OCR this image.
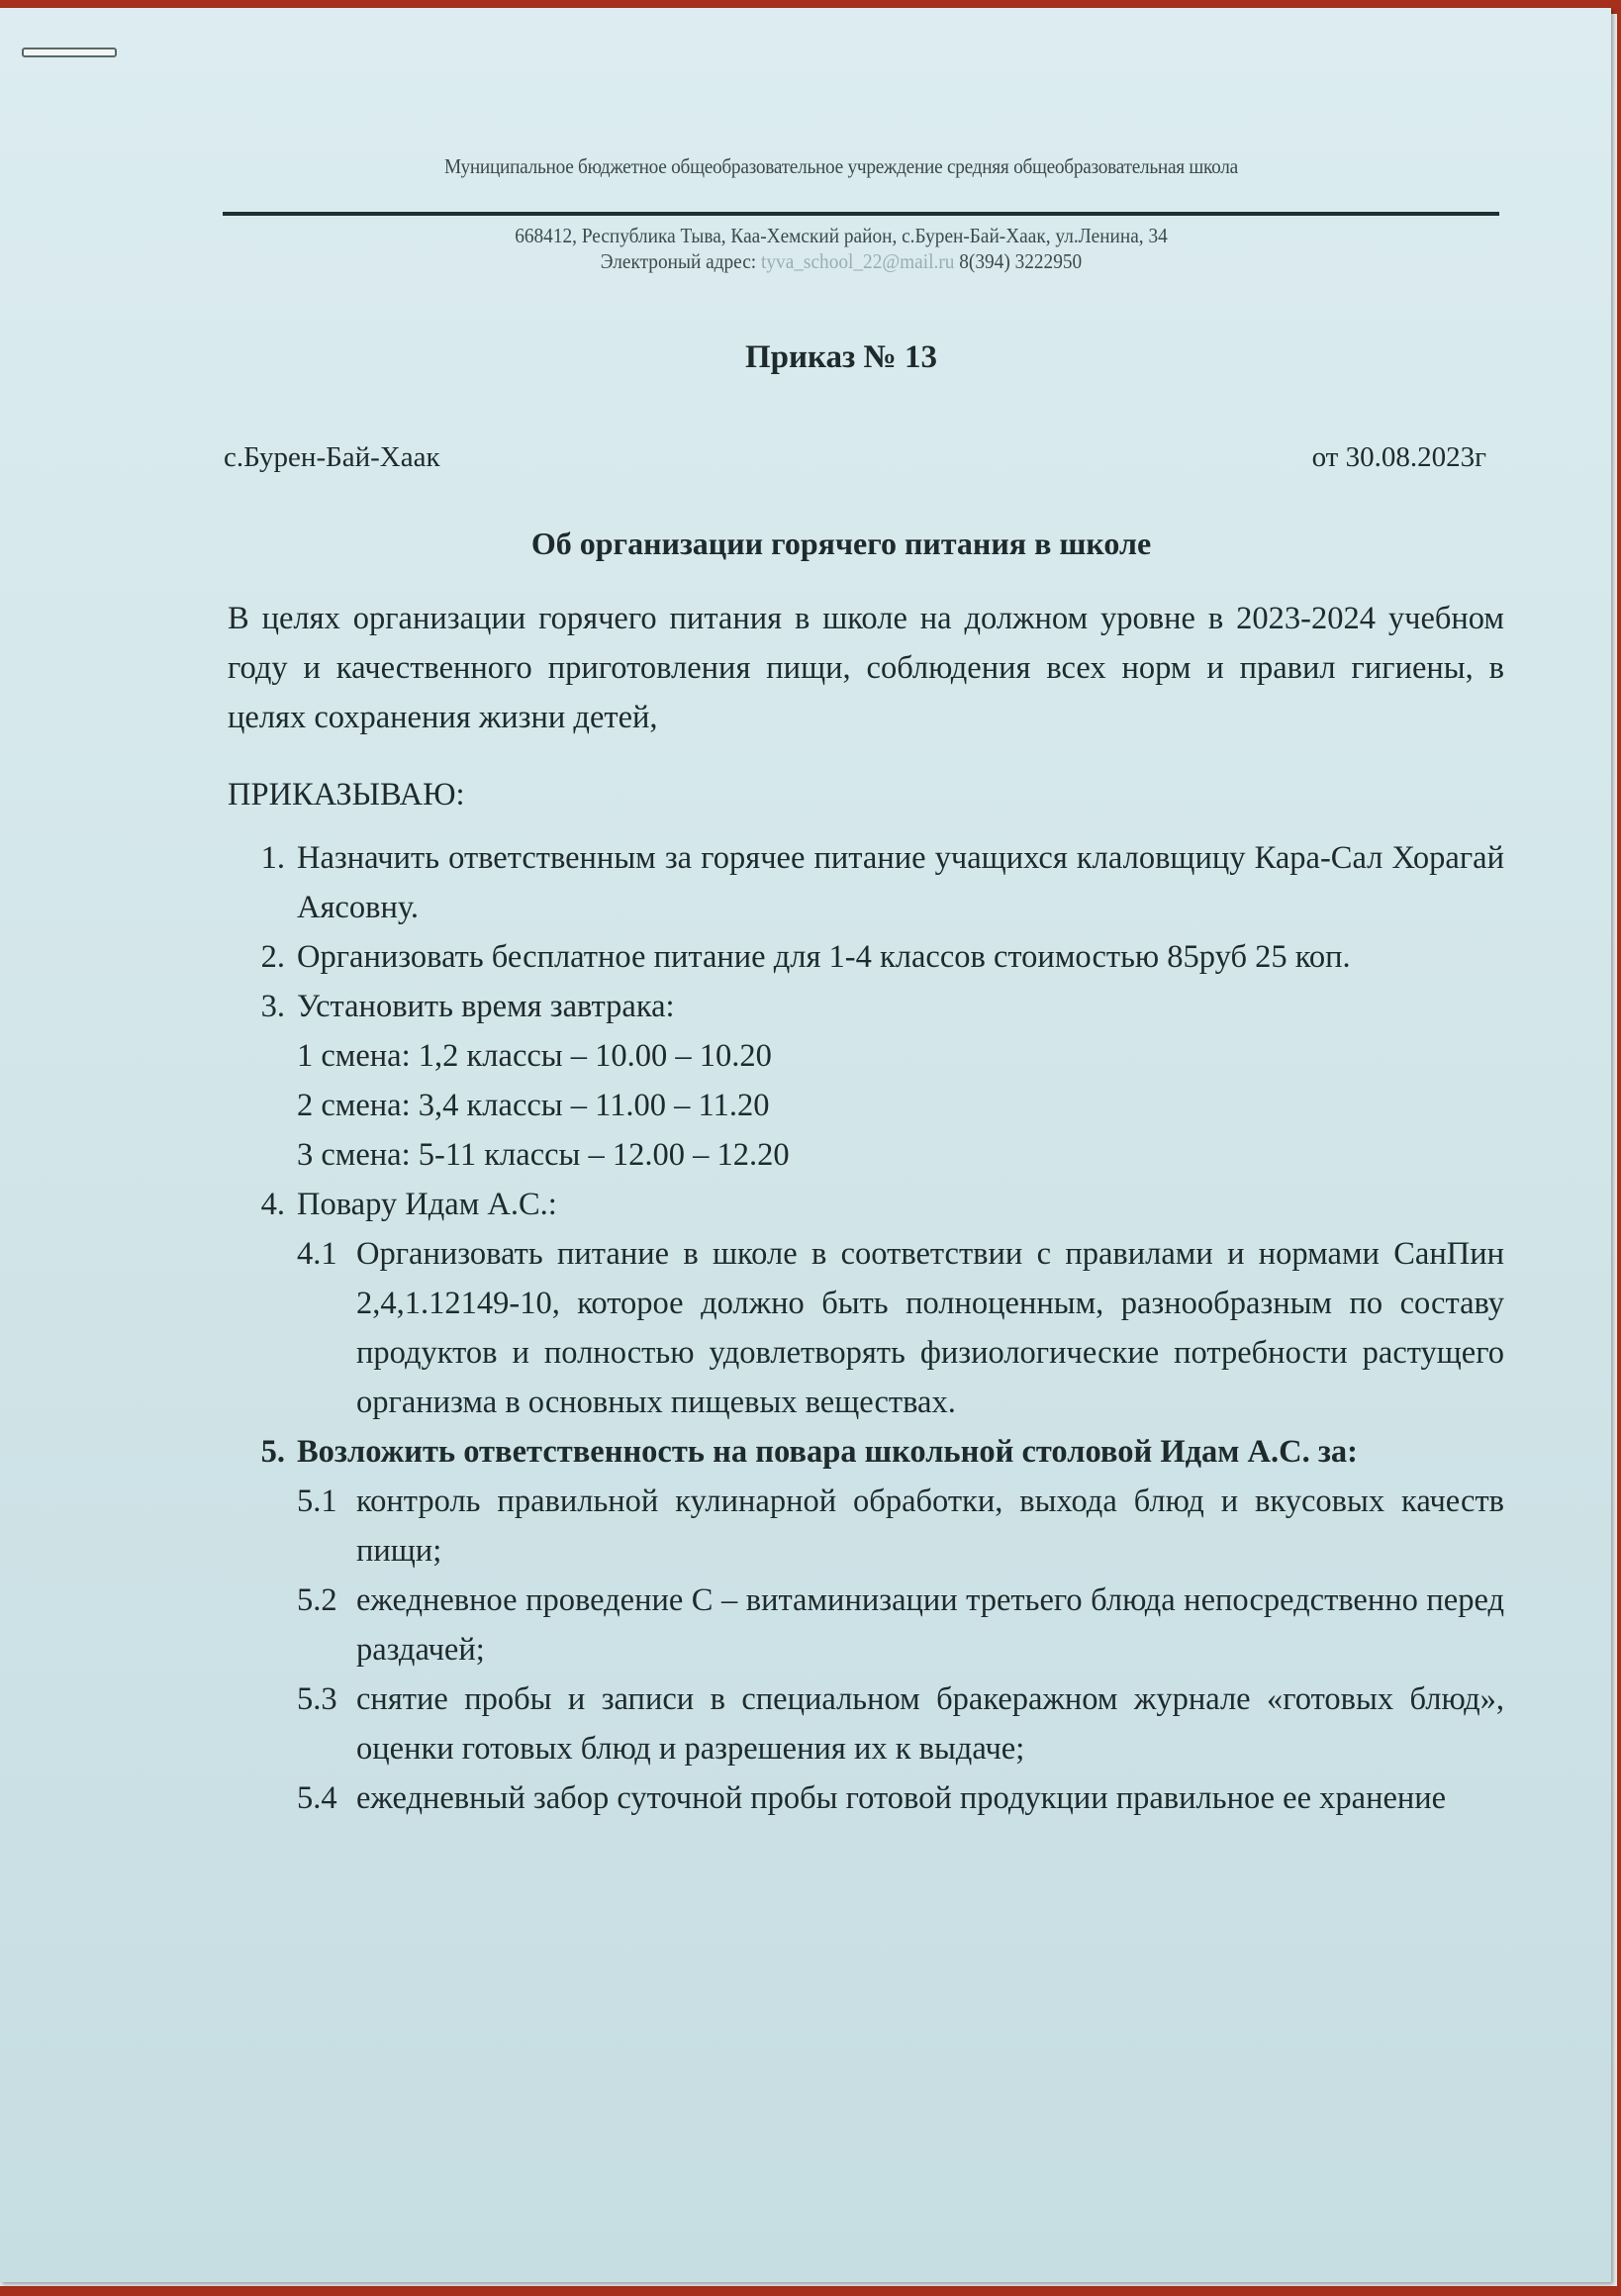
Муниципальное бюджетное общеобразовательное учреждение средняя общеобразовательная школа
668412, Республика Тыва, Каа-Хемский район, с.Бурен-Бай-Хаак, ул.Ленина, 34
Электроный адрес: tyva_school_22@mail.ru 8(394) 3222950
Приказ № 13
с.Бурен-Бай-Хаак	от 30.08.2023г
Об организации горячего питания в школе

В целях организации горячего питания в школе на должном уровне в 2023-2024 учебном году и качественного приготовления пищи, соблюдения всех норм и правил гигиены, в целях сохранения жизни детей,

ПРИКАЗЫВАЮ:
1. Назначить ответственным за горячее питание учащихся клаловщицу Кара-Сал Хорагай Аясовну.
2. Организовать бесплатное питание для 1-4 классов стоимостью 85руб 25 коп.
3. Установить время завтрака:
1 смена: 1,2 классы – 10.00 – 10.20
2 смена: 3,4 классы – 11.00 – 11.20
3 смена: 5-11 классы – 12.00 – 12.20
4. Повару Идам А.С.:
4.1 Организовать питание в школе в соответствии с правилами и нормами СанПин 2,4,1.12149-10, которое должно быть полноценным, разнообразным по составу продуктов и полностью удовлетворять физиологические потребности растущего организма в основных пищевых веществах.
5. Возложить ответственность на повара школьной столовой Идам А.С. за:
5.1 контроль правильной кулинарной обработки, выхода блюд и вкусовых качеств пищи;
5.2 ежедневное проведение С – витаминизации третьего блюда непосредственно перед раздачей;
5.3 снятие пробы и записи в специальном бракеражном журнале «готовых блюд», оценки готовых блюд и разрешения их к выдаче;
5.4 ежедневный забор суточной пробы готовой продукции правильное ее хранение
